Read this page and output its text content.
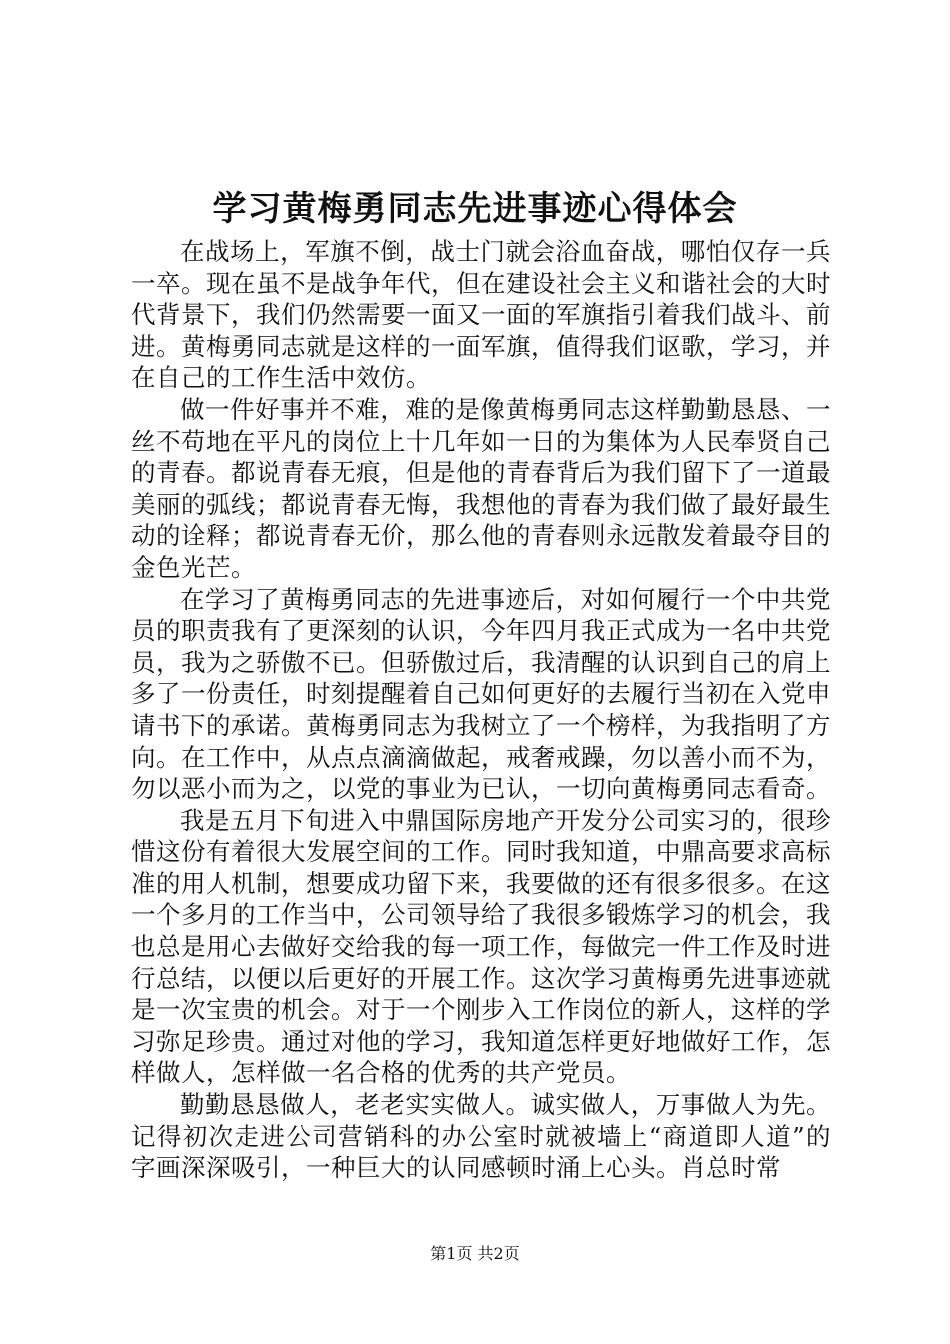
学习黄梅勇同志先进事迹心得体会

在战场上，军旗不倒，战士门就会浴血奋战，哪怕仅存一兵一卒。现在虽不是战争年代，但在建设社会主义和谐社会的大时代背景下，我们仍然需要一面又一面的军旗指引着我们战斗、前进。黄梅勇同志就是这样的一面军旗，值得我们讴歌，学习，并在自己的工作生活中效仿。

做一件好事并不难，难的是像黄梅勇同志这样勤勤恳恳、一丝不苟地在平凡的岗位上十几年如一日的为集体为人民奉贤自己的青春。都说青春无痕，但是他的青春背后为我们留下了一道最美丽的弧线；都说青春无悔，我想他的青春为我们做了最好最生动的诠释；都说青春无价，那么他的青春则永远散发着最夺目的金色光芒。

在学习了黄梅勇同志的先进事迹后，对如何履行一个中共党员的职责我有了更深刻的认识，今年四月我正式成为一名中共党员，我为之骄傲不已。但骄傲过后，我清醒的认识到自己的肩上多了一份责任，时刻提醒着自己如何更好的去履行当初在入党申请书下的承诺。黄梅勇同志为我树立了一个榜样，为我指明了方向。在工作中，从点点滴滴做起，戒奢戒躁，勿以善小而不为，勿以恶小而为之，以党的事业为已认，一切向黄梅勇同志看奇。

我是五月下旬进入中鼎国际房地产开发分公司实习的，很珍惜这份有着很大发展空间的工作。同时我知道，中鼎高要求高标准的用人机制，想要成功留下来，我要做的还有很多很多。在这一个多月的工作当中，公司领导给了我很多锻炼学习的机会，我也总是用心去做好交给我的每一项工作，每做完一件工作及时进行总结，以便以后更好的开展工作。这次学习黄梅勇先进事迹就是一次宝贵的机会。对于一个刚步入工作岗位的新人，这样的学习弥足珍贵。通过对他的学习，我知道怎样更好地做好工作，怎样做人，怎样做一名合格的优秀的共产党员。

勤勤恳恳做人，老老实实做人。诚实做人，万事做人为先。记得初次走进公司营销科的办公室时就被墙上“商道即人道”的字画深深吸引，一种巨大的认同感顿时涌上心头。肖总时常

第1页 共2页
